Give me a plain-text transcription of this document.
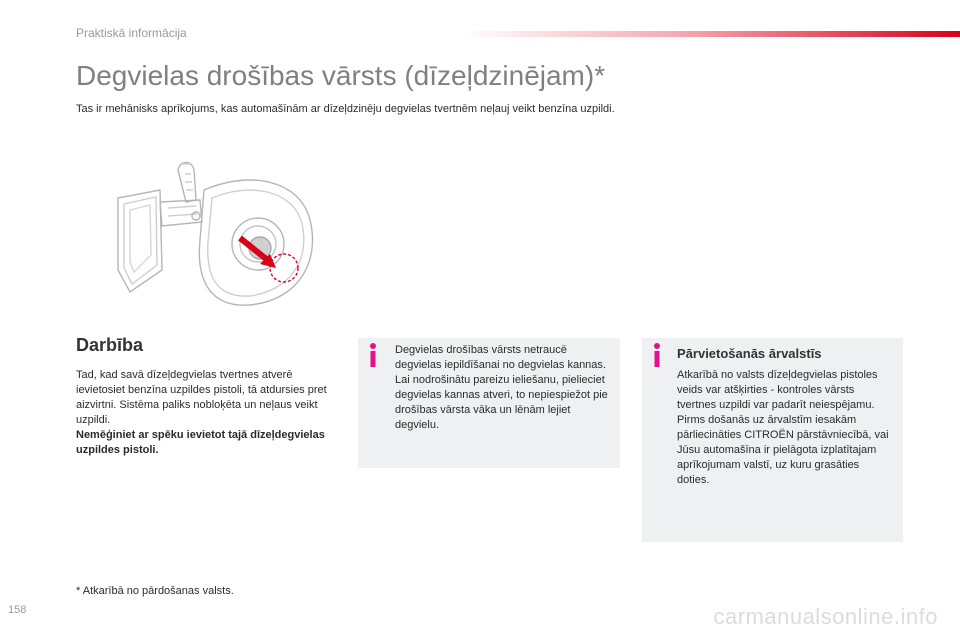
Praktiskā informācija
Degvielas drošības vārsts (dīzeļdzinējam)*

Tas ir mehānisks aprīkojums, kas automašīnām ar dīzeļdzinēju degvielas tvertnēm neļauj veikt benzīna uzpildi.

Darbība

Tad, kad savā dīzeļdegvielas tvertnes atverē ievietosiet benzīna uzpildes pistoli, tā atdursies pret aizvirtni. Sistēma paliks nobloķēta un neļaus veikt uzpildi.

Nemēģiniet ar spēku ievietot tajā dīzeļdegvielas uzpildes pistoli.

Degvielas drošības vārsts netraucē degvielas iepildīšanai no degvielas kannas.

Lai nodrošinātu pareizu ieliešanu, pielieciet degvielas kannas atveri, to nepiespiežot pie drošības vārsta vāka un lēnām lejiet degvielu.

Pārvietošanās ārvalstīs

Atkarībā no valsts dīzeļdegvielas pistoles veids var atšķirties - kontroles vārsts tvertnes uzpildi var padarīt neiespējamu.

Pirms došanās uz ārvalstīm iesakām pārliecināties CITROËN pārstāvniecībā, vai Jūsu automašīna ir pielāgota izplatītajam aprīkojumam valstī, uz kuru grasāties doties.

* Atkarībā no pārdošanas valsts.
158	carmanualsonline.info
